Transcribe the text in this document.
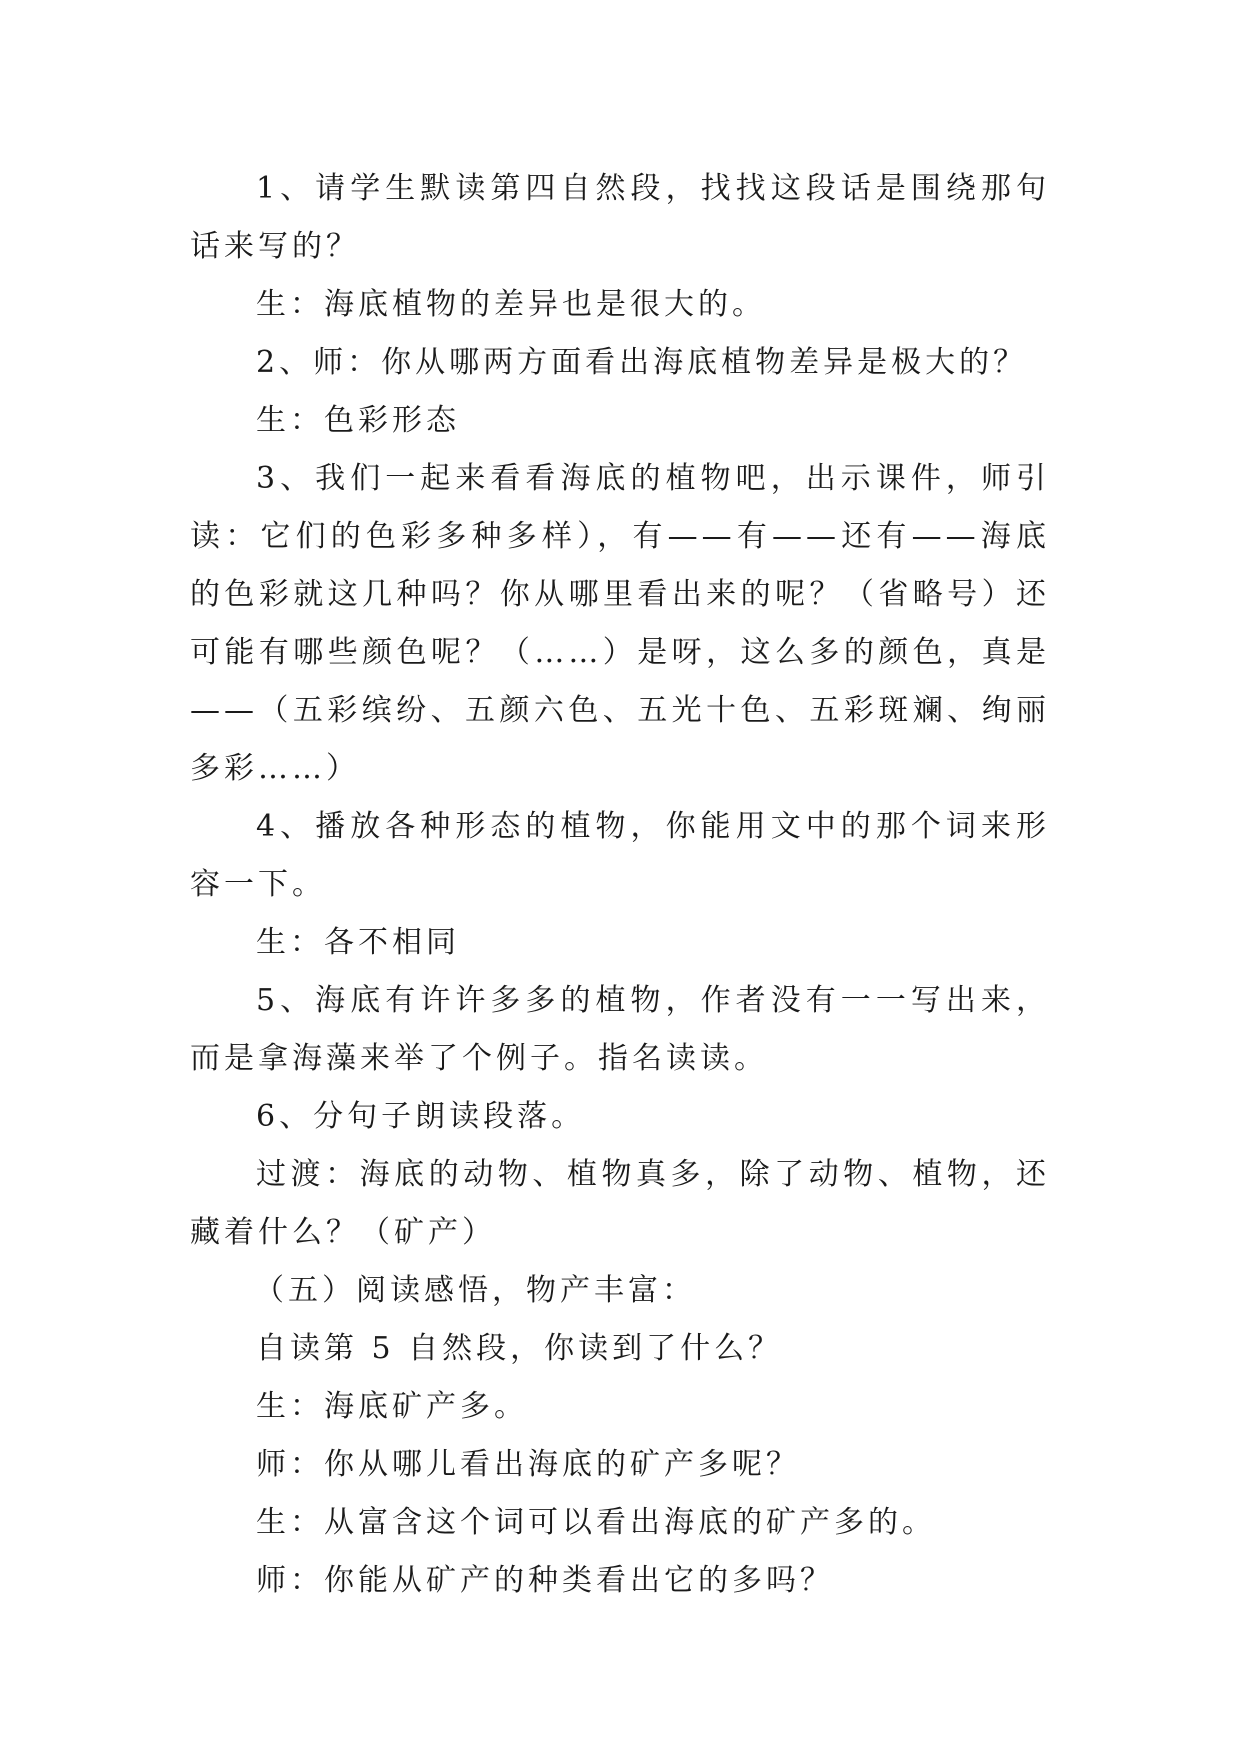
1、请学生默读第四自然段，找找这段话是围绕那句话来写的？

生：海底植物的差异也是很大的。

2、师：你从哪两方面看出海底植物差异是极大的？

生：色彩形态

3、我们一起来看看海底的植物吧，出示课件，师引读：它们的色彩多种多样），有——有——还有——海底的色彩就这几种吗？你从哪里看出来的呢？（省略号）还可能有哪些颜色呢？（……）是呀，这么多的颜色，真是——（五彩缤纷、五颜六色、五光十色、五彩斑斓、绚丽多彩……）

4、播放各种形态的植物，你能用文中的那个词来形容一下。

生：各不相同

5、海底有许许多多的植物，作者没有一一写出来，而是拿海藻来举了个例子。指名读读。

6、分句子朗读段落。

过渡：海底的动物、植物真多，除了动物、植物，还藏着什么？（矿产）

（五）阅读感悟，物产丰富：

自读第 5 自然段，你读到了什么？

生：海底矿产多。

师：你从哪儿看出海底的矿产多呢？

生：从富含这个词可以看出海底的矿产多的。

师：你能从矿产的种类看出它的多吗？
